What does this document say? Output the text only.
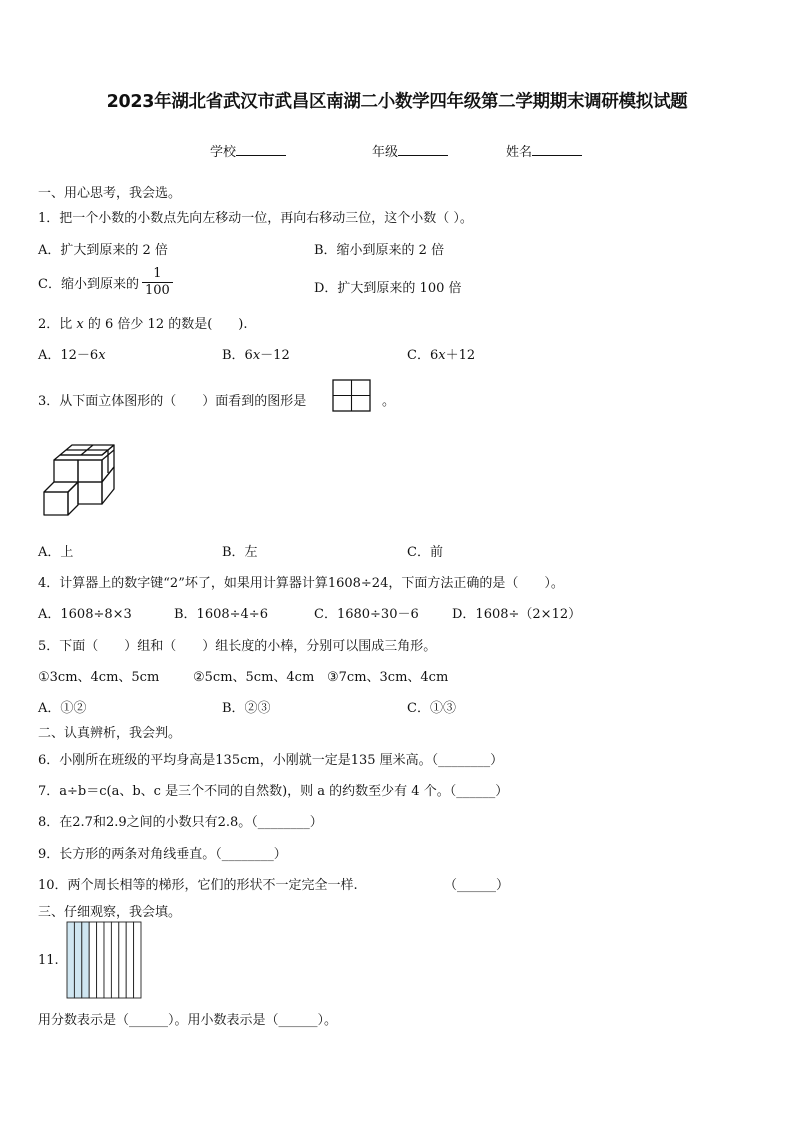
2023年湖北省武汉市武昌区南湖二小数学四年级第二学期期末调研模拟试题
学校	年级	姓名
一、用心思考，我会选。
1．把一个小数的小数点先向左移动一位，再向右移动三位，这个小数（ ）。
A．扩大到原来的 2 倍	B．缩小到原来的 2 倍
C．缩小到原来的 $\frac{1}{100}$	D．扩大到原来的 100 倍
2．比 x 的 6 倍少 12 的数是(　　).
A．12－6x	B．6x－12	C．6x＋12
3．从下面立体图形的（　　）面看到的图形是	。
A．上	B．左	C．前
4．计算器上的数字键“2”坏了，如果用计算器计算1608÷24，下面方法正确的是（　　）。
A．1608÷8×3	B．1608÷4÷6	C．1680÷30－6	D．1608÷（2×12）
5．下面（　　）组和（　　）组长度的小棒，分别可以围成三角形。
①3cm、4cm、5cm	②5cm、5cm、4cm ③7cm、3cm、4cm
A．①②	B．②③	C．①③
二、认真辨析，我会判。
6．小刚所在班级的平均身高是135cm，小刚就一定是135 厘米高。（________）
7．a÷b＝c(a、b、c 是三个不同的自然数)，则 a 的约数至少有 4 个。（______）
8．在2.7和2.9之间的小数只有2.8。（________）
9．长方形的两条对角线垂直。（________）
10．两个周长相等的梯形，它们的形状不一定完全一样.	（______）
三、仔细观察，我会填。
11.
用分数表示是（______）。用小数表示是（______）。
